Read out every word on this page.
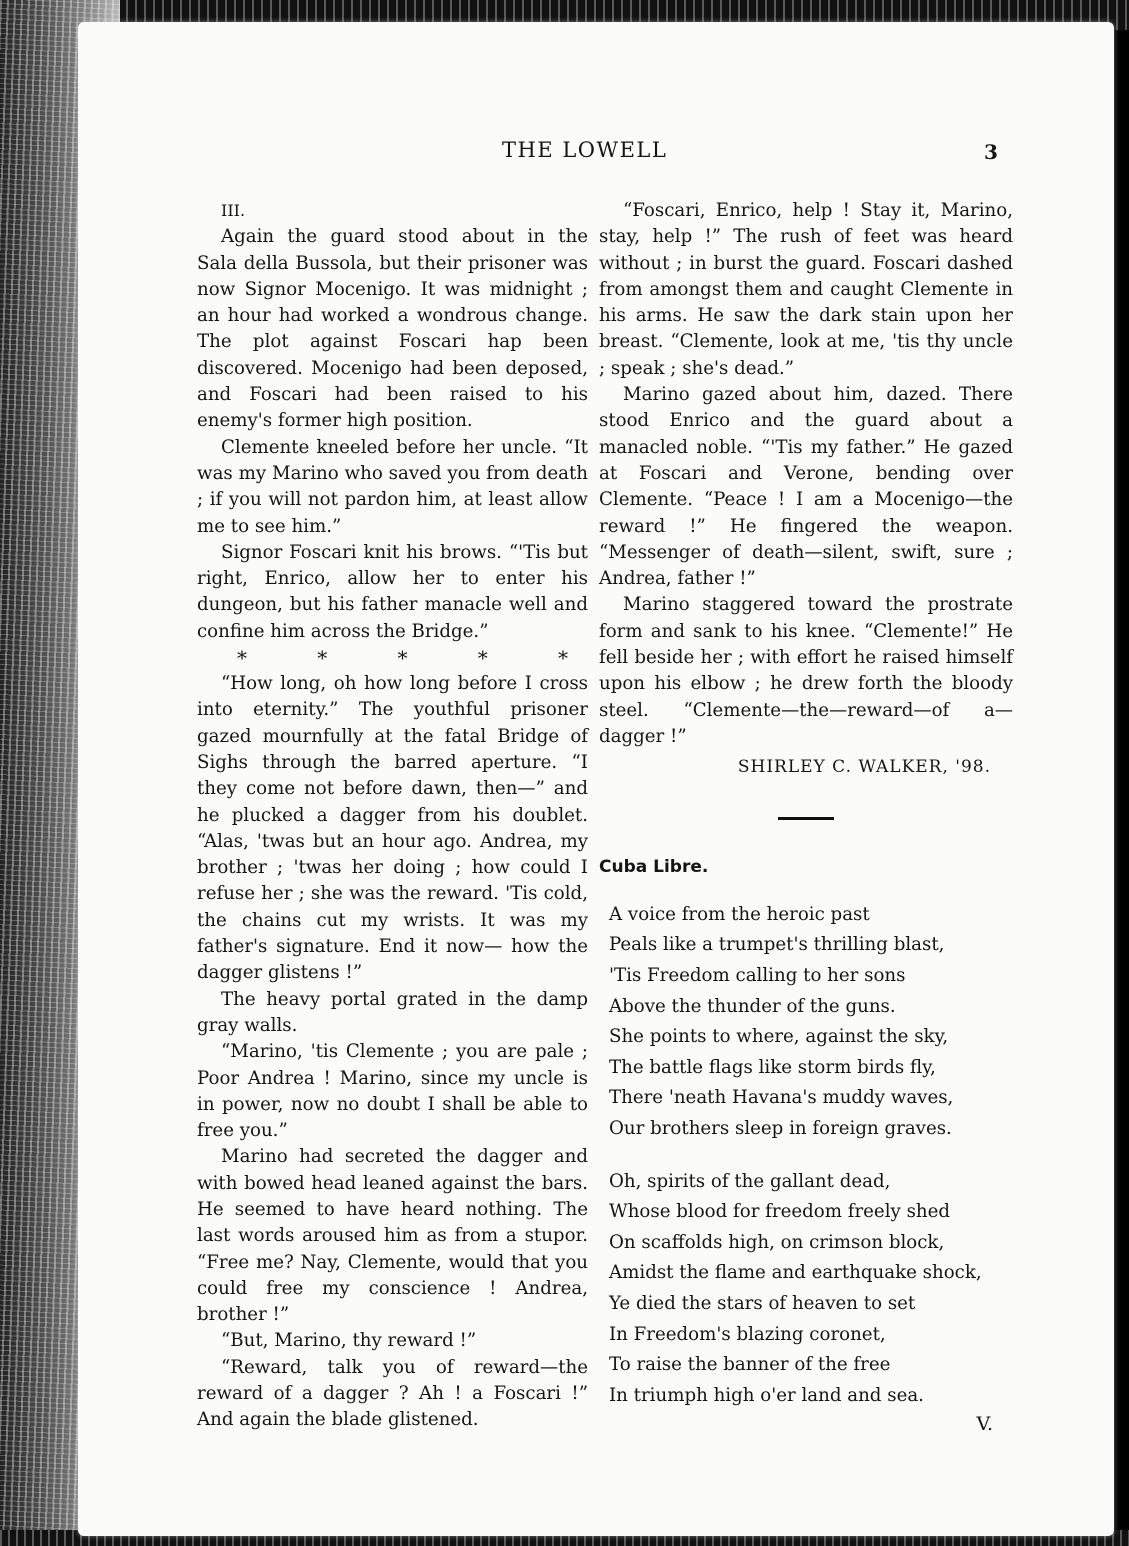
THE LOWELL	3

III.

Again the guard stood about in the Sala della Bussola, but their prisoner was now Signor Mocenigo. It was midnight ; an hour had worked a wondrous change. The plot against Foscari hap been discovered. Mocenigo had been deposed, and Foscari had been raised to his enemy's former high position.

Clemente kneeled before her uncle. “It was my Marino who saved you from death ; if you will not pardon him, at least allow me to see him.”

Signor Foscari knit his brows. “'Tis but right, Enrico, allow her to enter his dungeon, but his father manacle well and confine him across the Bridge.”

*	*	*	*	*

“How long, oh how long before I cross into eternity.” The youthful prisoner gazed mournfully at the fatal Bridge of Sighs through the barred aperture. “I they come not before dawn, then—” and he plucked a dagger from his doublet. “Alas, 'twas but an hour ago. Andrea, my brother ; 'twas her doing ; how could I refuse her ; she was the reward. 'Tis cold, the chains cut my wrists. It was my father's signature. End it now— how the dagger glistens !”

The heavy portal grated in the damp gray walls.

“Marino, 'tis Clemente ; you are pale ; Poor Andrea ! Marino, since my uncle is in power, now no doubt I shall be able to free you.”

Marino had secreted the dagger and with bowed head leaned against the bars. He seemed to have heard nothing. The last words aroused him as from a stupor. “Free me? Nay, Clemente, would that you could free my conscience ! Andrea, brother !”

“But, Marino, thy reward !”

“Reward, talk you of reward—the reward of a dagger ? Ah ! a Foscari !” And again the blade glistened.

“Foscari, Enrico, help ! Stay it, Marino, stay, help !” The rush of feet was heard without ; in burst the guard. Foscari dashed from amongst them and caught Clemente in his arms. He saw the dark stain upon her breast. “Clemente, look at me, 'tis thy uncle ; speak ; she's dead.”

Marino gazed about him, dazed. There stood Enrico and the guard about a manacled noble. “'Tis my father.” He gazed at Foscari and Verone, bending over Clemente. “Peace ! I am a Mocenigo—the reward !” He fingered the weapon. “Messenger of death—silent, swift, sure ; Andrea, father !”

Marino staggered toward the prostrate form and sank to his knee. “Clemente!” He fell beside her ; with effort he raised himself upon his elbow ; he drew forth the bloody steel. “Clemente—the—reward—of a—dagger !”

SHIRLEY C. WALKER, '98.

Cuba Libre.

A voice from the heroic past
Peals like a trumpet's thrilling blast,
'Tis Freedom calling to her sons
Above the thunder of the guns.
She points to where, against the sky,
The battle flags like storm birds fly,
There 'neath Havana's muddy waves,
Our brothers sleep in foreign graves.
Oh, spirits of the gallant dead,
Whose blood for freedom freely shed
On scaffolds high, on crimson block,
Amidst the flame and earthquake shock,
Ye died the stars of heaven to set
In Freedom's blazing coronet,
To raise the banner of the free
In triumph high o'er land and sea.
V.
